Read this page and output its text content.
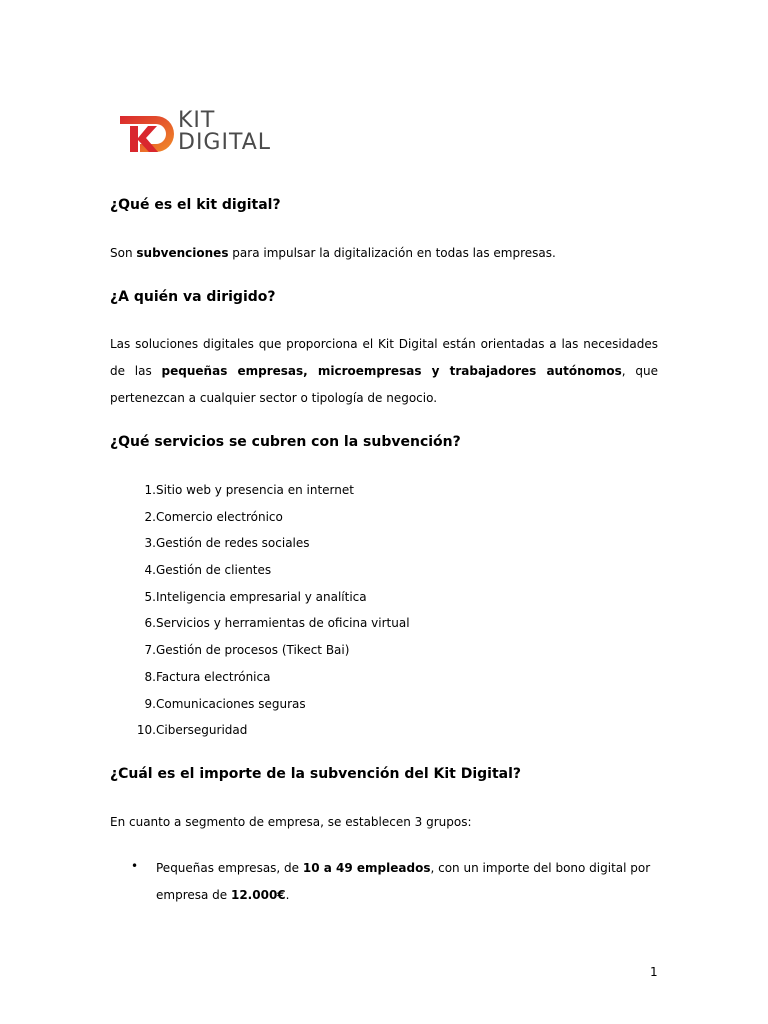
KIT
DIGITAL
¿Qué es el kit digital?
Son subvenciones para impulsar la digitalización en todas las empresas.
¿A quién va dirigido?
Las soluciones digitales que proporciona el Kit Digital están orientadas a las necesidades
de las pequeñas empresas, microempresas y trabajadores autónomos, que
pertenezcan a cualquier sector o tipología de negocio.
¿Qué servicios se cubren con la subvención?
1. Sitio web y presencia en internet
2. Comercio electrónico
3. Gestión de redes sociales
4. Gestión de clientes
5. Inteligencia empresarial y analítica
6. Servicios y herramientas de oficina virtual
7. Gestión de procesos (Tikect Bai)
8. Factura electrónica
9. Comunicaciones seguras
10. Ciberseguridad
¿Cuál es el importe de la subvención del Kit Digital?
En cuanto a segmento de empresa, se establecen 3 grupos:
• Pequeñas empresas, de 10 a 49 empleados, con un importe del bono digital por empresa de 12.000€.
1
